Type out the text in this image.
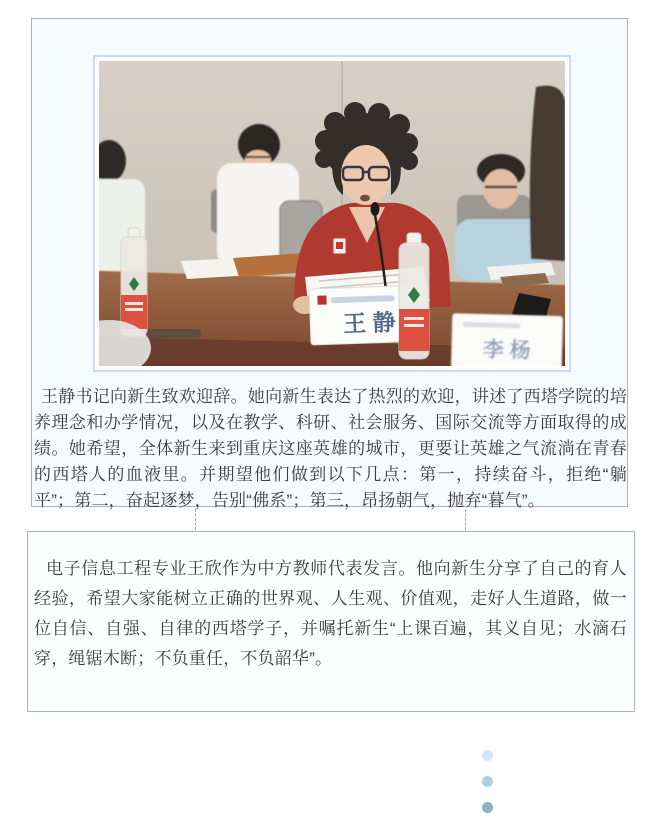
王 静
李 杨

王静书记向新生致欢迎辞。她向新生表达了热烈的欢迎，讲述了西塔学院的培养理念和办学情况，以及在教学、科研、社会服务、国际交流等方面取得的成绩。她希望，全体新生来到重庆这座英雄的城市，更要让英雄之气流淌在青春的西塔人的血液里。并期望他们做到以下几点：第一，持续奋斗，拒绝“躺平”；第二，奋起逐梦，告别“佛系”；第三，昂扬朝气，抛弃“暮气”。

电子信息工程专业王欣作为中方教师代表发言。他向新生分享了自己的育人经验，希望大家能树立正确的世界观、人生观、价值观，走好人生道路，做一位自信、自强、自律的西塔学子，并嘱托新生“上课百遍，其义自见；水滴石穿，绳锯木断；不负重任，不负韶华”。
